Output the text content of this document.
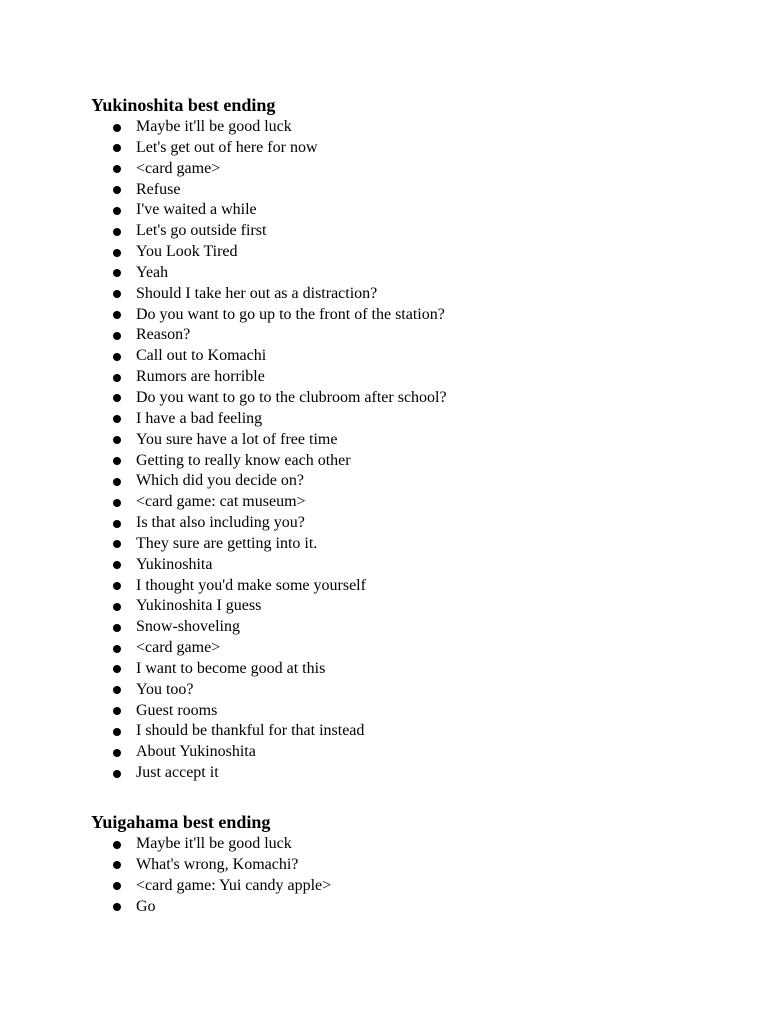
Yukinoshita best ending
Maybe it'll be good luck
Let's get out of here for now
<card game>
Refuse
I've waited a while
Let's go outside first
You Look Tired
Yeah
Should I take her out as a distraction?
Do you want to go up to the front of the station?
Reason?
Call out to Komachi
Rumors are horrible
Do you want to go to the clubroom after school?
I have a bad feeling
You sure have a lot of free time
Getting to really know each other
Which did you decide on?
<card game: cat museum>
Is that also including you?
They sure are getting into it.
Yukinoshita
I thought you'd make some yourself
Yukinoshita I guess
Snow-shoveling
<card game>
I want to become good at this
You too?
Guest rooms
I should be thankful for that instead
About Yukinoshita
Just accept it
Yuigahama best ending
Maybe it'll be good luck
What's wrong, Komachi?
<card game: Yui candy apple>
Go
